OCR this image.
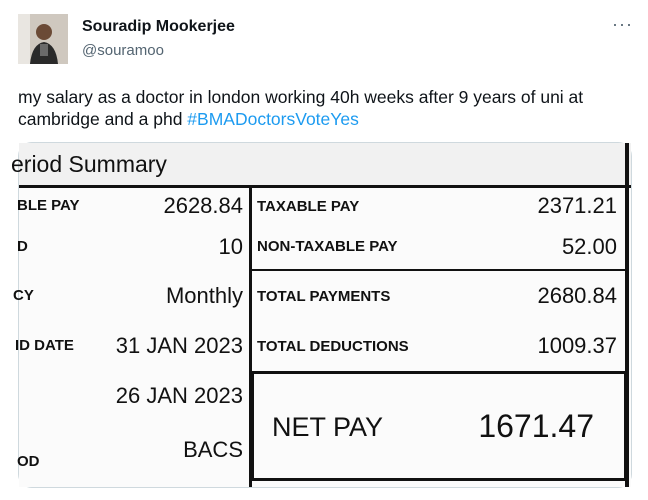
Souradip Mookerjee
@souramoo
···
my salary as a doctor in london working 40h weeks after 9 years of uni at cambridge and a phd #BMADoctorsVoteYes
eriod Summary
BLE PAY	2628.84
D	10
CY	Monthly
ID DATE 31 JAN 2023
26 JAN 2023
OD	BACS
TAXABLE PAY	2371.21
NON-TAXABLE PAY	52.00
TOTAL PAYMENTS	2680.84
TOTAL DEDUCTIONS	1009.37
NET PAY	1671.47
